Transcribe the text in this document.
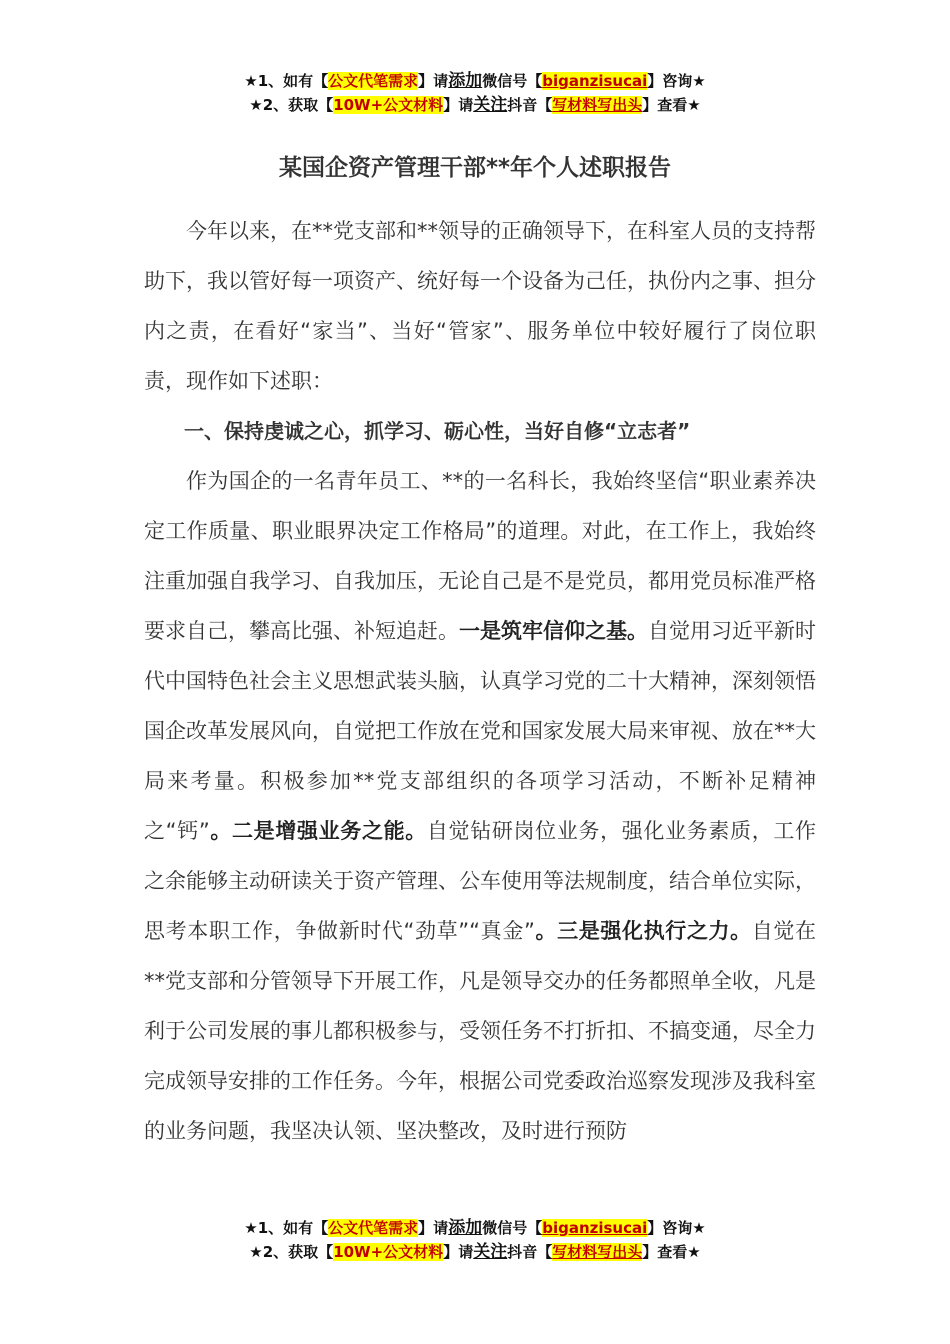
★1、如有【公文代笔需求】请添加微信号【biganzisucai】咨询★
★2、获取【10W+公文材料】请关注抖音【写材料写出头】查看★
某国企资产管理干部**年个人述职报告

今年以来，在**党支部和**领导的正确领导下，在科室人员的支持帮助下，我以管好每一项资产、统好每一个设备为己任，执份内之事、担分内之责，在看好“家当”、当好“管家”、服务单位中较好履行了岗位职责，现作如下述职：

一、保持虔诚之心，抓学习、砺心性，当好自修“立志者”

作为国企的一名青年员工、**的一名科长，我始终坚信“职业素养决定工作质量、职业眼界决定工作格局”的道理。对此，在工作上，我始终注重加强自我学习、自我加压，无论自己是不是党员，都用党员标准严格要求自己，攀高比强、补短追赶。一是筑牢信仰之基。自觉用习近平新时代中国特色社会主义思想武装头脑，认真学习党的二十大精神，深刻领悟国企改革发展风向，自觉把工作放在党和国家发展大局来审视、放在**大局来考量。积极参加**党支部组织的各项学习活动，不断补足精神之“钙”。二是增强业务之能。自觉钻研岗位业务，强化业务素质，工作之余能够主动研读关于资产管理、公车使用等法规制度，结合单位实际，思考本职工作，争做新时代“劲草”“真金”。三是强化执行之力。自觉在**党支部和分管领导下开展工作，凡是领导交办的任务都照单全收，凡是利于公司发展的事儿都积极参与，受领任务不打折扣、不搞变通，尽全力完成领导安排的工作任务。今年，根据公司党委政治巡察发现涉及我科室的业务问题，我坚决认领、坚决整改，及时进行预防

★1、如有【公文代笔需求】请添加微信号【biganzisucai】咨询★
★2、获取【10W+公文材料】请关注抖音【写材料写出头】查看★
